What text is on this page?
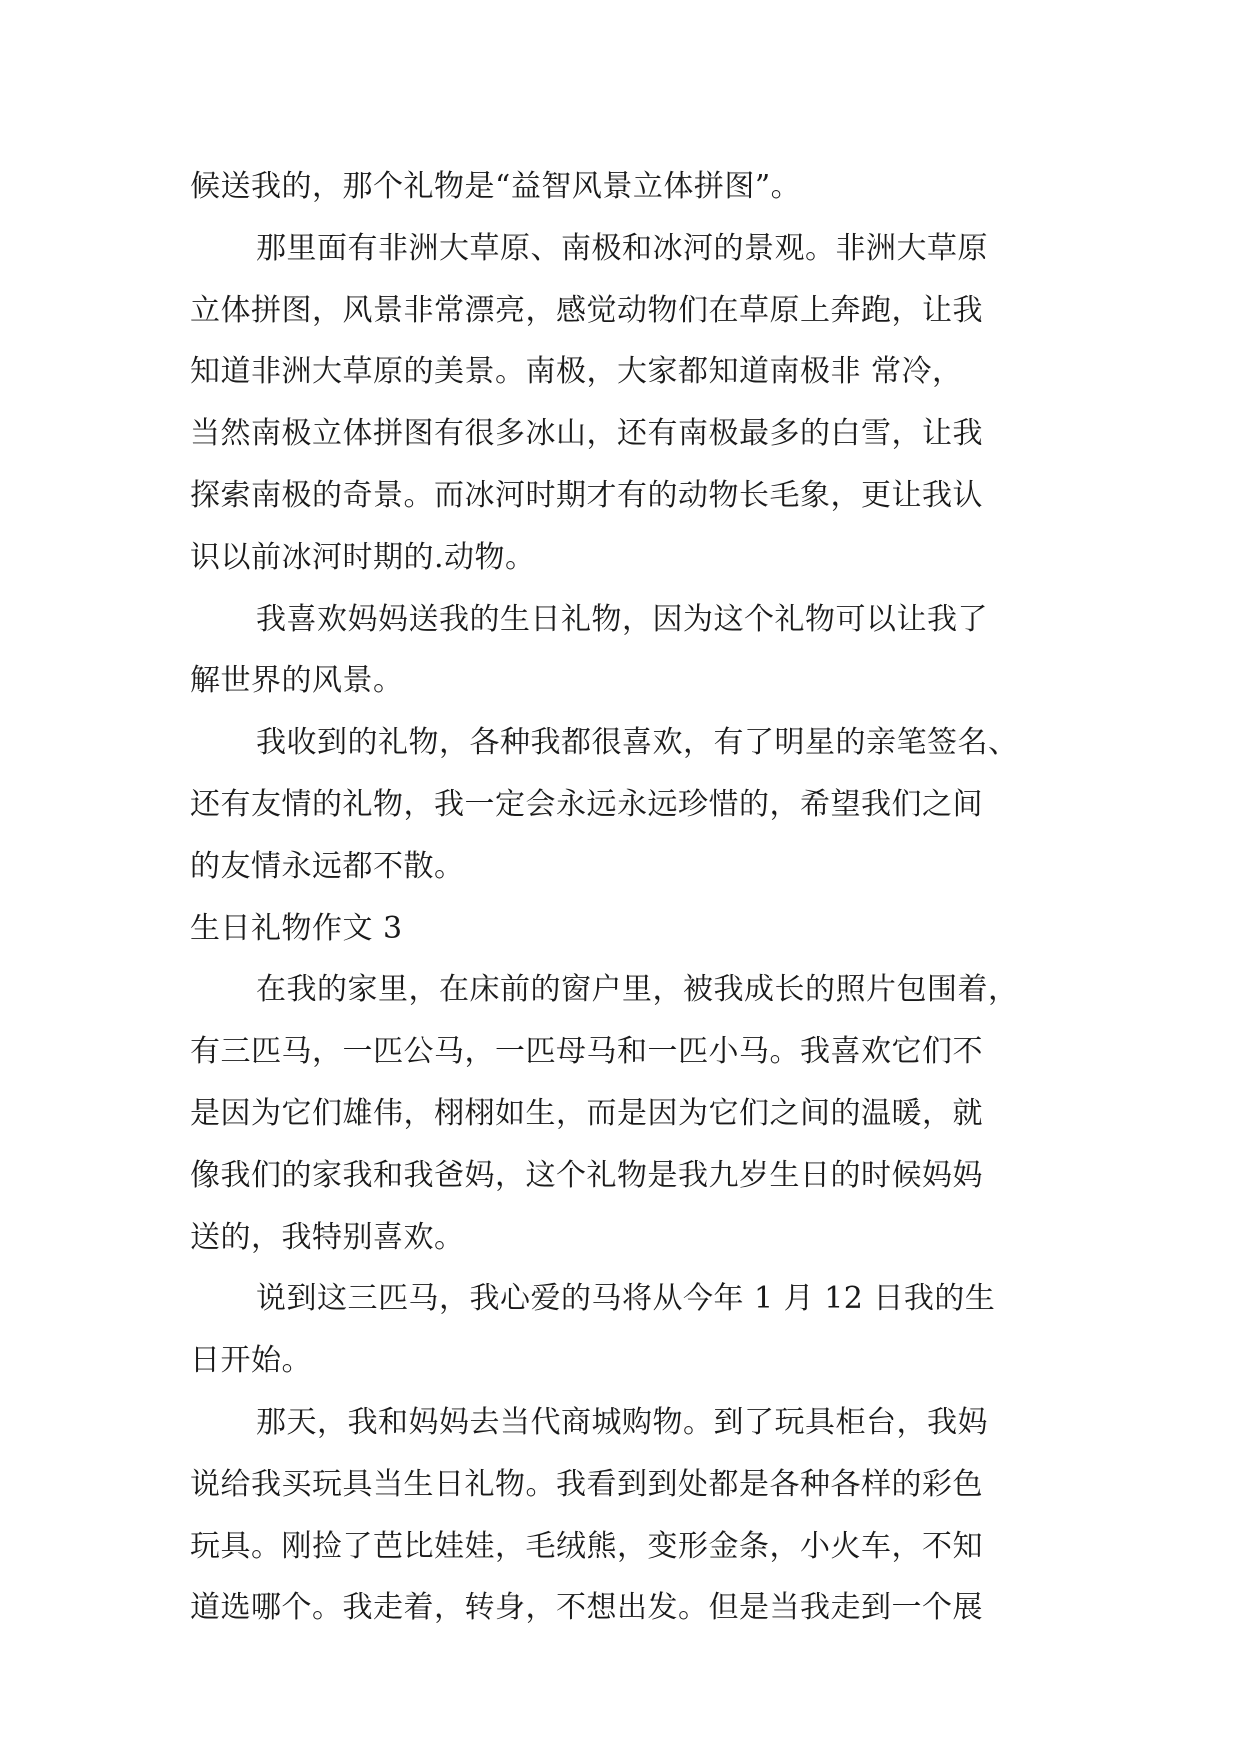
候送我的，那个礼物是“益智风景立体拼图”。
那里面有非洲大草原、南极和冰河的景观。非洲大草原
立体拼图，风景非常漂亮，感觉动物们在草原上奔跑，让我
知道非洲大草原的美景。南极，大家都知道南极非 常冷，
当然南极立体拼图有很多冰山，还有南极最多的白雪，让我
探索南极的奇景。而冰河时期才有的动物长毛象，更让我认
识以前冰河时期的.动物。
我喜欢妈妈送我的生日礼物，因为这个礼物可以让我了
解世界的风景。
我收到的礼物，各种我都很喜欢，有了明星的亲笔签名、
还有友情的礼物，我一定会永远永远珍惜的，希望我们之间
的友情永远都不散。
生日礼物作文 3
在我的家里，在床前的窗户里，被我成长的照片包围着，
有三匹马，一匹公马，一匹母马和一匹小马。我喜欢它们不
是因为它们雄伟，栩栩如生，而是因为它们之间的温暖，就
像我们的家我和我爸妈，这个礼物是我九岁生日的时候妈妈
送的，我特别喜欢。
说到这三匹马，我心爱的马将从今年 1 月 12 日我的生
日开始。
那天，我和妈妈去当代商城购物。到了玩具柜台，我妈
说给我买玩具当生日礼物。我看到到处都是各种各样的彩色
玩具。刚捡了芭比娃娃，毛绒熊，变形金条，小火车，不知
道选哪个。我走着，转身，不想出发。但是当我走到一个展
